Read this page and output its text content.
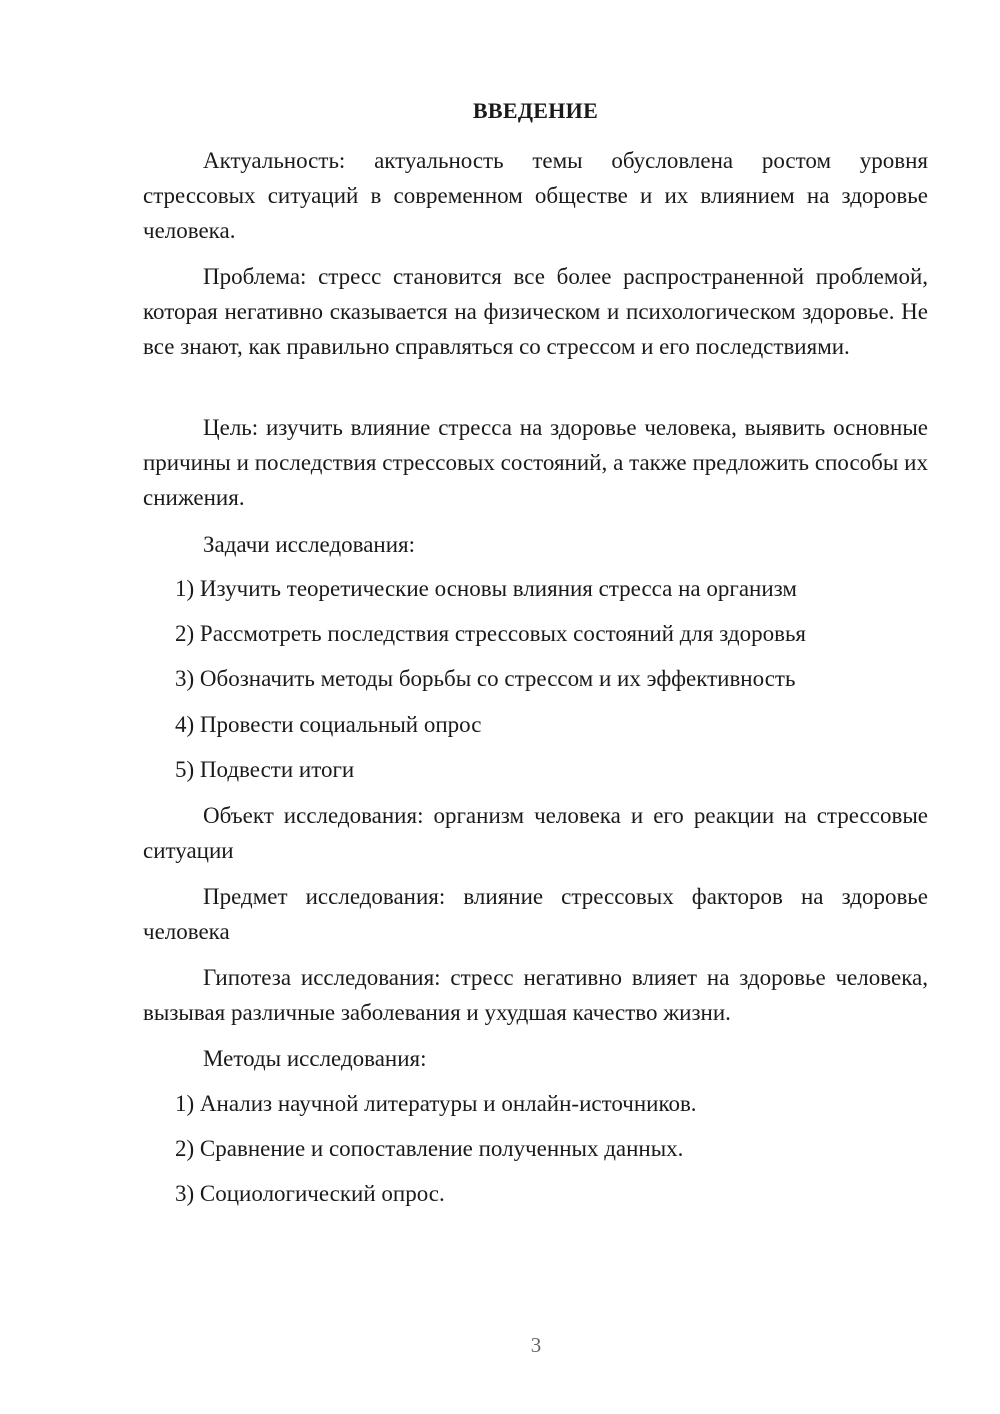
ВВЕДЕНИЕ
Актуальность: актуальность темы обусловлена ростом уровня стрессовых ситуаций в современном обществе и их влиянием на здоровье человека.
Проблема: стресс становится все более распространенной проблемой, которая негативно сказывается на физическом и психологическом здоровье. Не все знают, как правильно справляться со стрессом и его последствиями.
Цель: изучить влияние стресса на здоровье человека, выявить основные причины и последствия стрессовых состояний, а также предложить способы их снижения.
Задачи исследования:
1) Изучить теоретические основы влияния стресса на организм
2) Рассмотреть последствия стрессовых состояний для здоровья
3) Обозначить методы борьбы со стрессом и их эффективность
4) Провести социальный опрос
5) Подвести итоги
Объект исследования: организм человека и его реакции на стрессовые ситуации
Предмет исследования: влияние стрессовых факторов на здоровье человека
Гипотеза исследования: стресс негативно влияет на здоровье человека, вызывая различные заболевания и ухудшая качество жизни.
Методы исследования:
1) Анализ научной литературы и онлайн-источников.
2) Сравнение и сопоставление полученных данных.
3) Социологический опрос.
3
